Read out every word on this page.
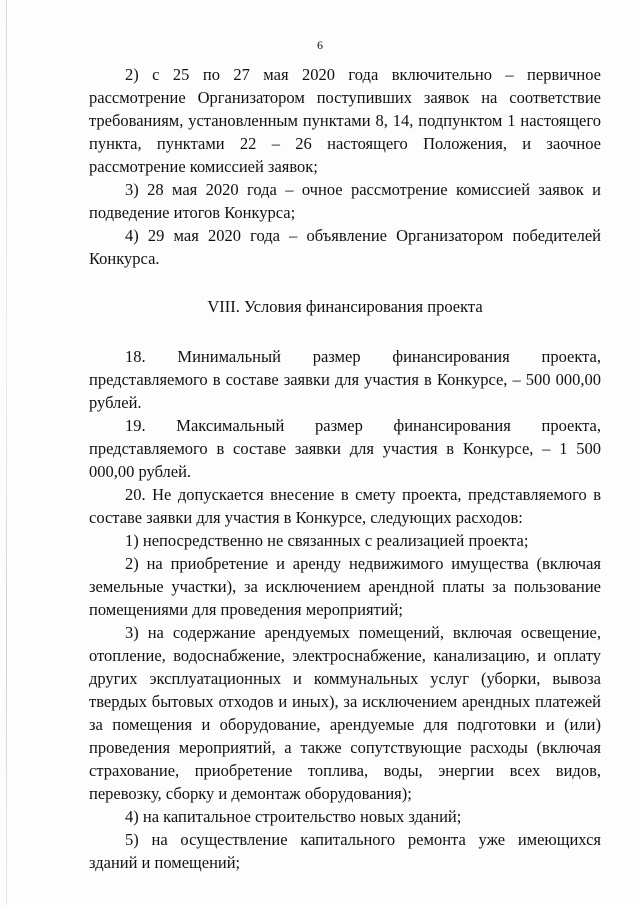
6

2) с 25 по 27 мая 2020 года включительно – первичное рассмотрение Организатором поступивших заявок на соответствие требованиям, установленным пунктами 8, 14, подпунктом 1 настоящего пункта, пунктами 22 – 26 настоящего Положения, и заочное рассмотрение комиссией заявок;

3) 28 мая 2020 года – очное рассмотрение комиссией заявок и подведение итогов Конкурса;

4) 29 мая 2020 года – объявление Организатором победителей Конкурса.

VIII. Условия финансирования проекта

18. Минимальный размер финансирования проекта, представляемого в составе заявки для участия в Конкурсе, – 500 000,00 рублей.

19. Максимальный размер финансирования проекта, представляемого в составе заявки для участия в Конкурсе, – 1 500 000,00 рублей.

20. Не допускается внесение в смету проекта, представляемого в составе заявки для участия в Конкурсе, следующих расходов:

1) непосредственно не связанных с реализацией проекта;

2) на приобретение и аренду недвижимого имущества (включая земельные участки), за исключением арендной платы за пользование помещениями для проведения мероприятий;

3) на содержание арендуемых помещений, включая освещение, отопление, водоснабжение, электроснабжение, канализацию, и оплату других эксплуатационных и коммунальных услуг (уборки, вывоза твердых бытовых отходов и иных), за исключением арендных платежей за помещения и оборудование, арендуемые для подготовки и (или) проведения мероприятий, а также сопутствующие расходы (включая страхование, приобретение топлива, воды, энергии всех видов, перевозку, сборку и демонтаж оборудования);

4) на капитальное строительство новых зданий;

5) на осуществление капитального ремонта уже имеющихся зданий и помещений;
